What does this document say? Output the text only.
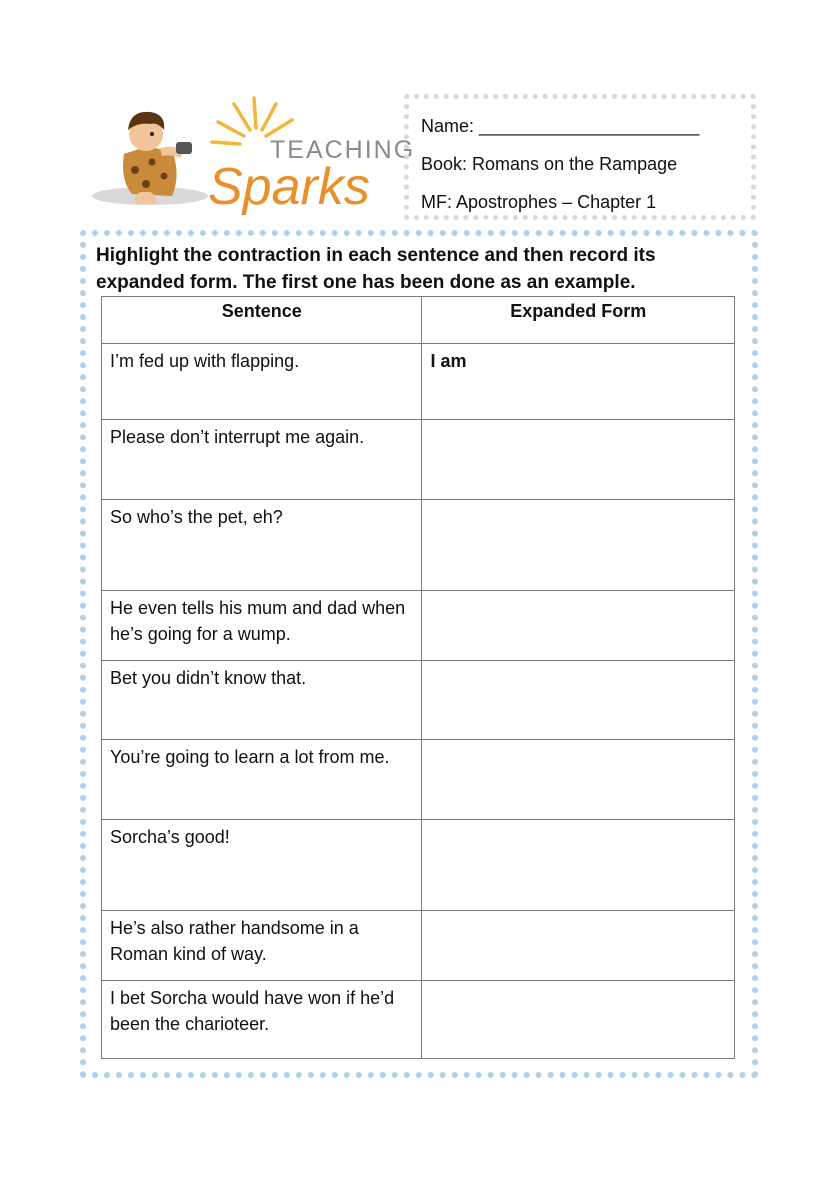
TEACHING
Sparks
Name: ______________________
Book: Romans on the Rampage
MF: Apostrophes – Chapter 1
Highlight the contraction in each sentence and then record its expanded form. The first one has been done as an example.
Sentence	Expanded Form
I’m fed up with flapping.	I am
Please don’t interrupt me again.	
So who’s the pet, eh?	
He even tells his mum and dad when he’s going for a wump.	
Bet you didn’t know that.	
You’re going to learn a lot from me.	
Sorcha’s good!	
He’s also rather handsome in a Roman kind of way.	
I bet Sorcha would have won if he’d been the charioteer.	
